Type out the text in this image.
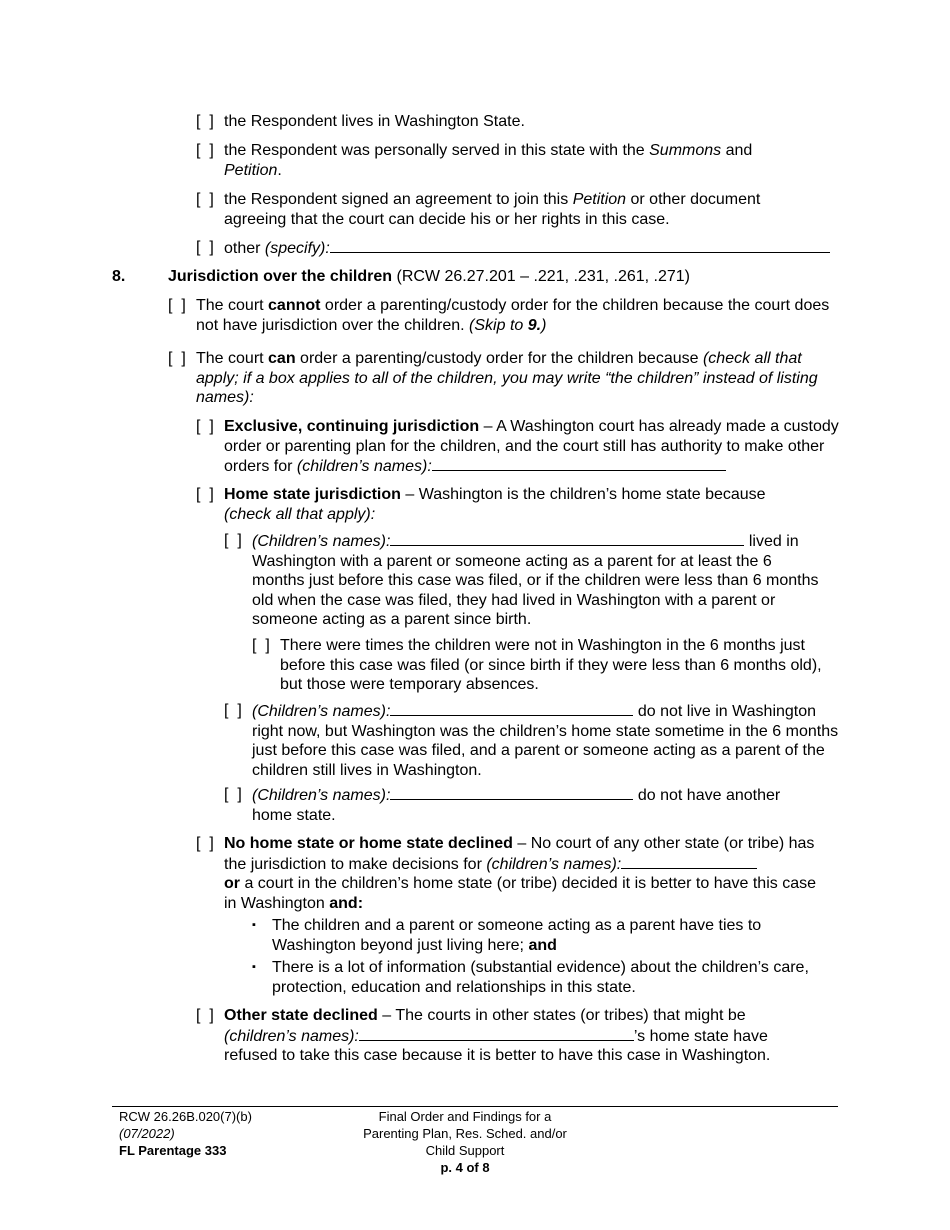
[  ] the Respondent lives in Washington State.
[  ] the Respondent was personally served in this state with the Summons and
Petition.
[  ] the Respondent signed an agreement to join this Petition or other document agreeing that the court can decide his or her rights in this case.
[  ] other (specify):
8.	Jurisdiction over the children (RCW 26.27.201 – .221, .231, .261, .271)
[  ] The court cannot order a parenting/custody order for the children because the court does not have jurisdiction over the children. (Skip to 9.)
[  ] The court can order a parenting/custody order for the children because (check all that apply; if a box applies to all of the children, you may write “the children” instead of listing names):
[  ] Exclusive, continuing jurisdiction – A Washington court has already made a custody order or parenting plan for the children, and the court still has authority to make other orders for (children’s names):
[  ] Home state jurisdiction – Washington is the children’s home state because
(check all that apply):
[  ] (Children’s names):	lived in
Washington with a parent or someone acting as a parent for at least the 6 months just before this case was filed, or if the children were less than 6 months old when the case was filed, they had lived in Washington with a parent or someone acting as a parent since birth.
[  ] There were times the children were not in Washington in the 6 months just before this case was filed (or since birth if they were less than 6 months old), but those were temporary absences.
[  ] (Children’s names):	do not live in Washington
right now, but Washington was the children’s home state sometime in the 6 months just before this case was filed, and a parent or someone acting as a parent of the children still lives in Washington.
[  ] (Children’s names):	do not have another
home state.
[  ] No home state or home state declined – No court of any other state (or tribe) has the jurisdiction to make decisions for (children’s names):
or a court in the children’s home state (or tribe) decided it is better to have this case in Washington and:
▪	The children and a parent or someone acting as a parent have ties to Washington beyond just living here; and
▪	There is a lot of information (substantial evidence) about the children’s care, protection, education and relationships in this state.
[  ] Other state declined – The courts in other states (or tribes) that might be
(children’s names):	’s home state have
refused to take this case because it is better to have this case in Washington.
RCW 26.26B.020(7)(b)
(07/2022)
FL Parentage 333
Final Order and Findings for a
Parenting Plan, Res. Sched. and/or
Child Support
p. 4 of 8
